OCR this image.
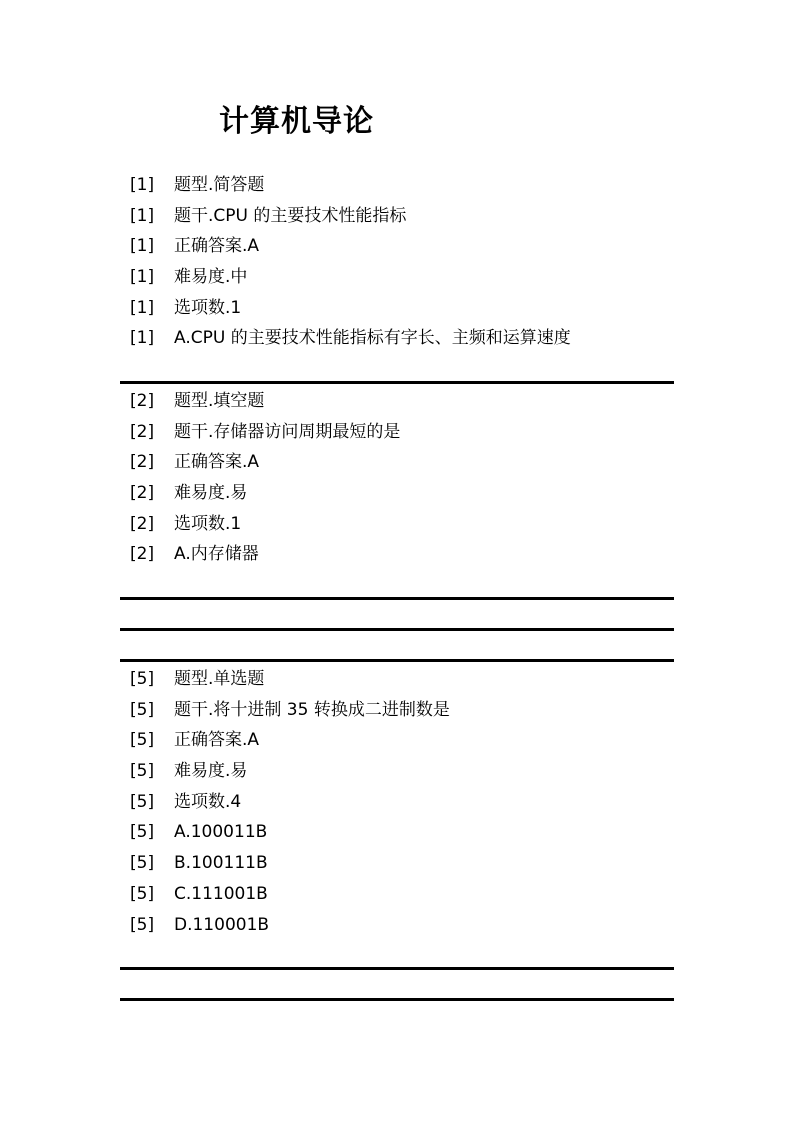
计算机导论
[1] 题型.简答题
[1] 题干.CPU 的主要技术性能指标
[1] 正确答案.A
[1] 难易度.中
[1] 选项数.1
[1] A.CPU 的主要技术性能指标有字长、主频和运算速度
[2] 题型.填空题
[2] 题干.存储器访问周期最短的是
[2] 正确答案.A
[2] 难易度.易
[2] 选项数.1
[2] A.内存储器
[5] 题型.单选题
[5] 题干.将十进制 35 转换成二进制数是
[5] 正确答案.A
[5] 难易度.易
[5] 选项数.4
[5] A.100011B
[5] B.100111B
[5] C.111001B
[5] D.110001B
